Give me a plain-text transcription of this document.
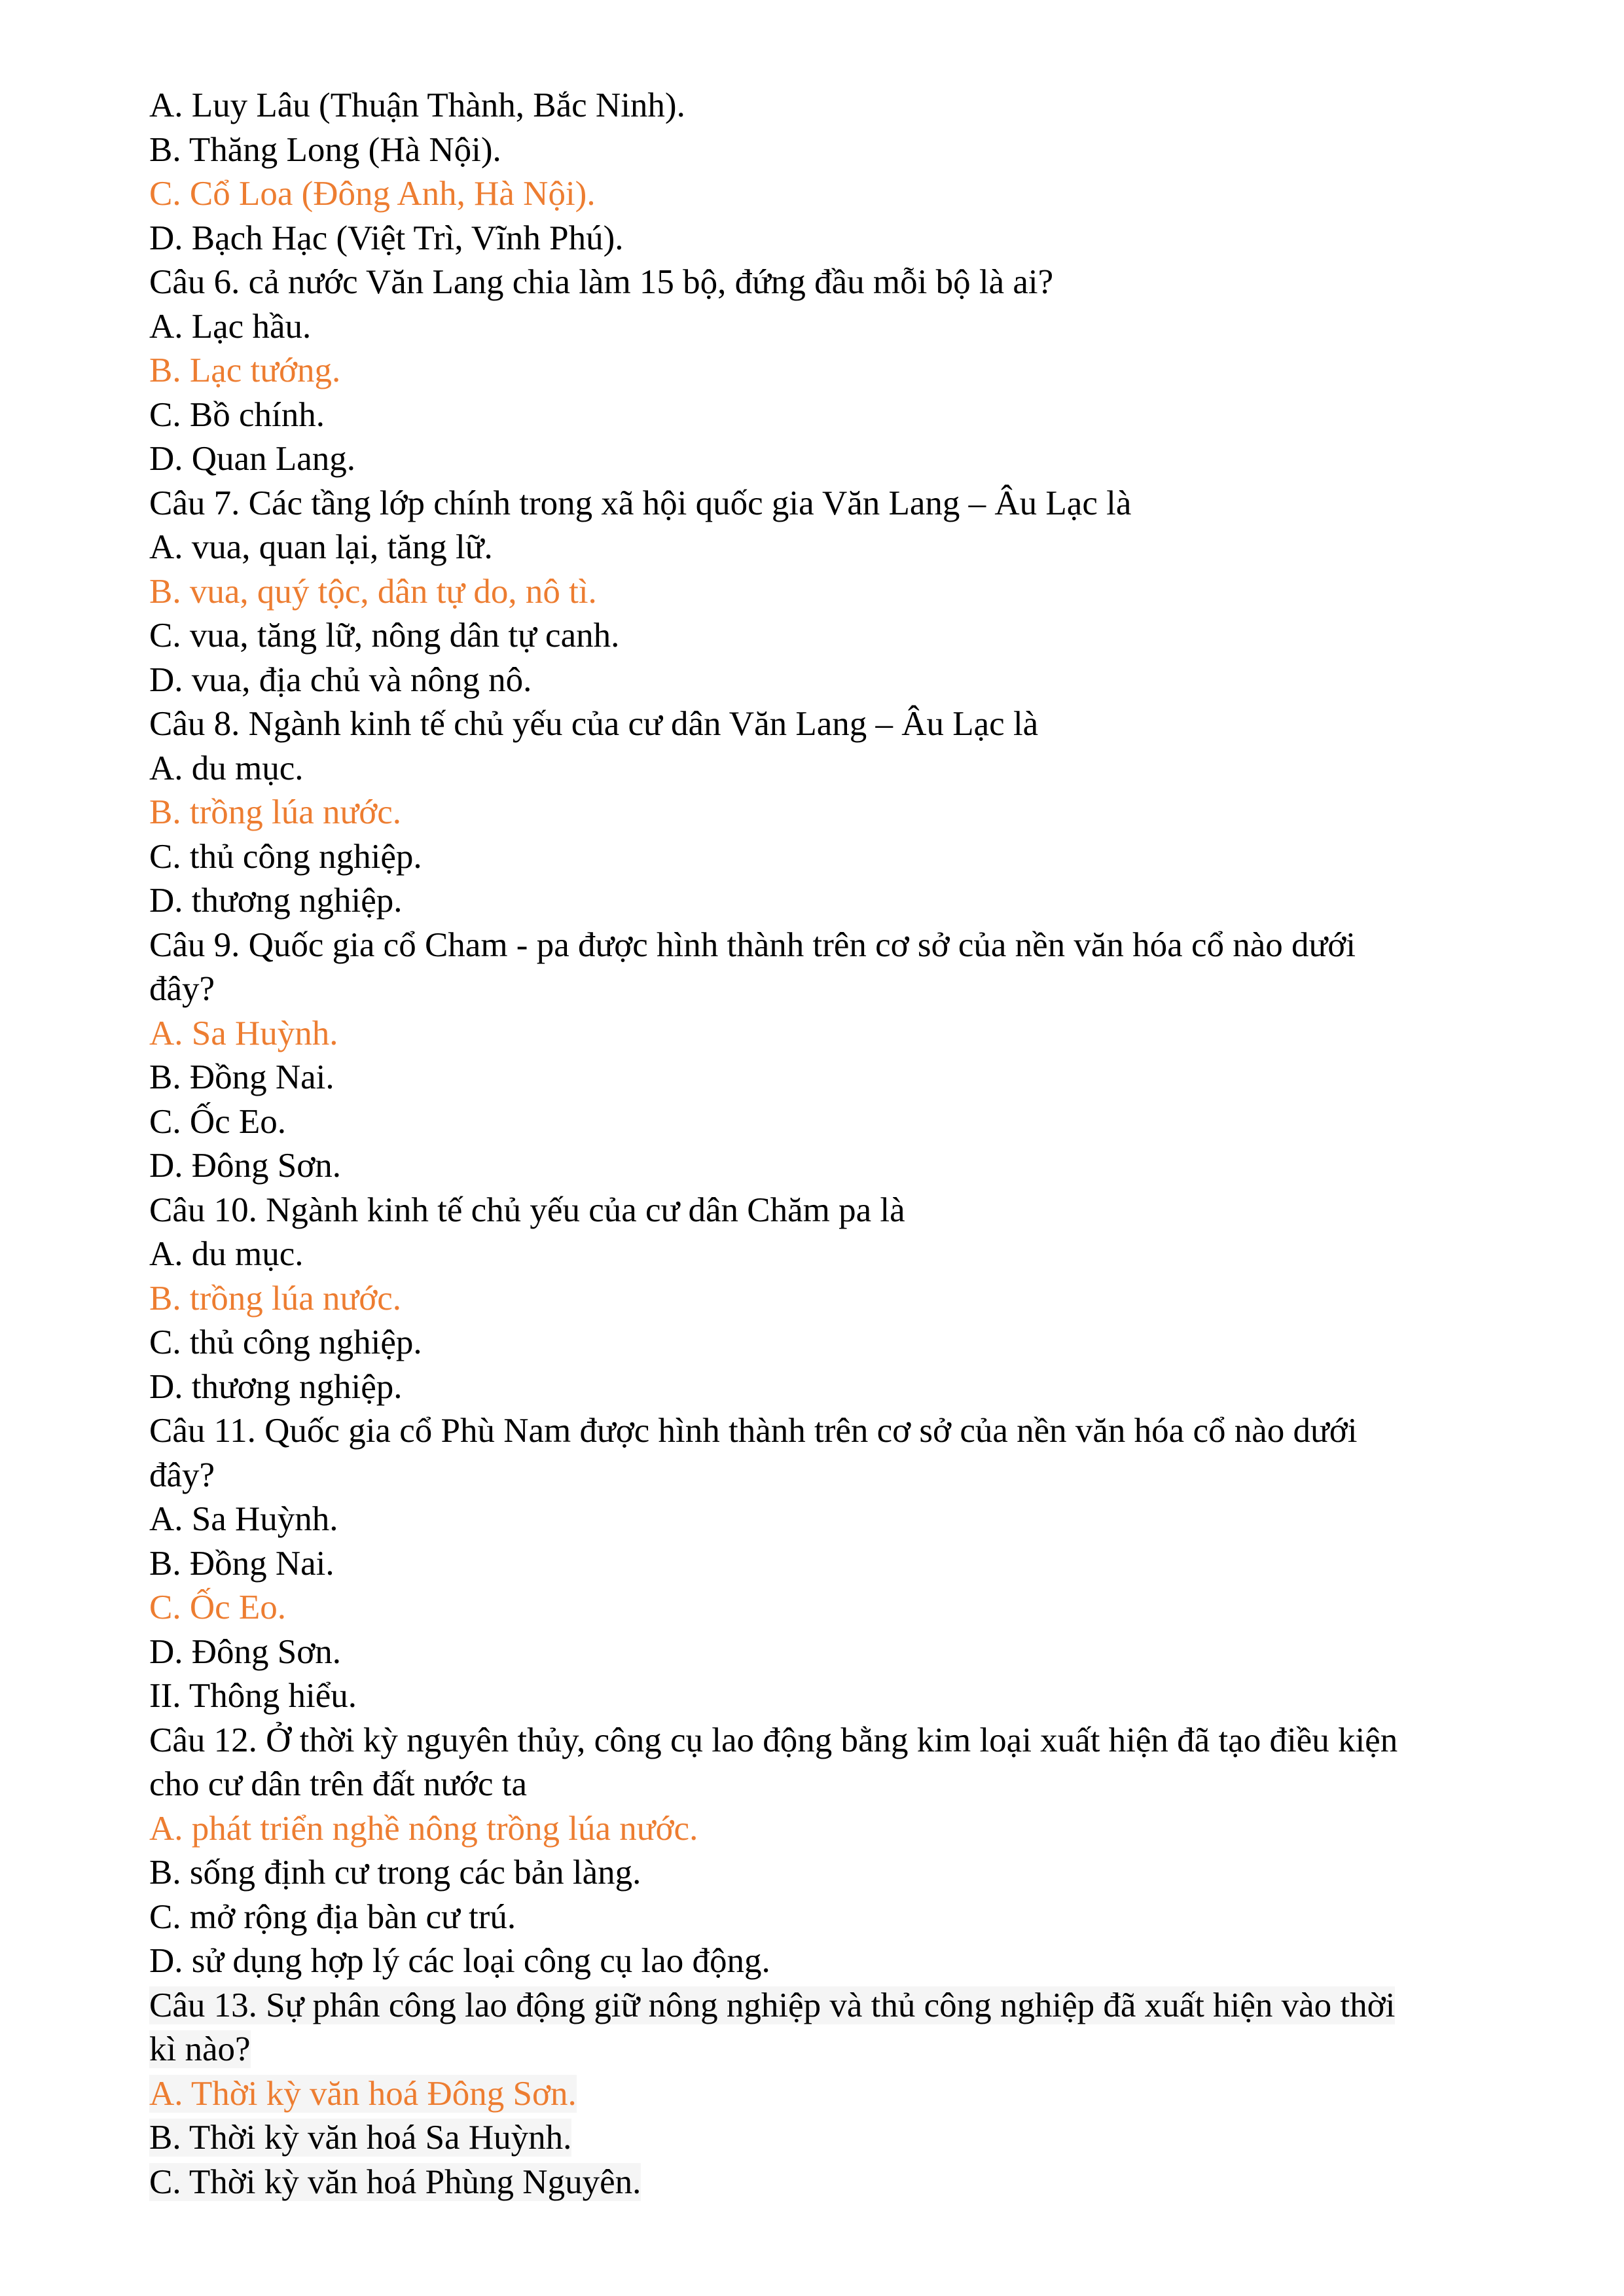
A. Luy Lâu (Thuận Thành, Bắc Ninh).
B. Thăng Long (Hà Nội).
C. Cổ Loa (Đông Anh, Hà Nội).
D. Bạch Hạc (Việt Trì, Vĩnh Phú).
Câu 6. cả nước Văn Lang chia làm 15 bộ, đứng đầu mỗi bộ là ai?
A. Lạc hầu.
B. Lạc tướng.
C. Bồ chính.
D. Quan Lang.
Câu 7. Các tầng lớp chính trong xã hội quốc gia Văn Lang – Âu Lạc là
A. vua, quan lại, tăng lữ.
B. vua, quý tộc, dân tự do, nô tì.
C. vua, tăng lữ, nông dân tự canh.
D. vua, địa chủ và nông nô.
Câu 8. Ngành kinh tế chủ yếu của cư dân Văn Lang – Âu Lạc là
A. du mục.
B. trồng lúa nước.
C. thủ công nghiệp.
D. thương nghiệp.
Câu 9. Quốc gia cổ Cham - pa được hình thành trên cơ sở của nền văn hóa cổ nào dưới
đây?
A. Sa Huỳnh.
B. Đồng Nai.
C. Ốc Eo.
D. Đông Sơn.
Câu 10. Ngành kinh tế chủ yếu của cư dân Chăm pa là
A. du mục.
B. trồng lúa nước.
C. thủ công nghiệp.
D. thương nghiệp.
Câu 11. Quốc gia cổ Phù Nam được hình thành trên cơ sở của nền văn hóa cổ nào dưới
đây?
A. Sa Huỳnh.
B. Đồng Nai.
C. Ốc Eo.
D. Đông Sơn.
II. Thông hiểu.
Câu 12. Ở thời kỳ nguyên thủy, công cụ lao động bằng kim loại xuất hiện đã tạo điều kiện
cho cư dân trên đất nước ta
A. phát triển nghề nông trồng lúa nước.
B. sống định cư trong các bản làng.
C. mở rộng địa bàn cư trú.
D. sử dụng hợp lý các loại công cụ lao động.
Câu 13. Sự phân công lao động giữ nông nghiệp và thủ công nghiệp đã xuất hiện vào thời
kì nào?
A. Thời kỳ văn hoá Đông Sơn.
B. Thời kỳ văn hoá Sa Huỳnh.
C. Thời kỳ văn hoá Phùng Nguyên.
